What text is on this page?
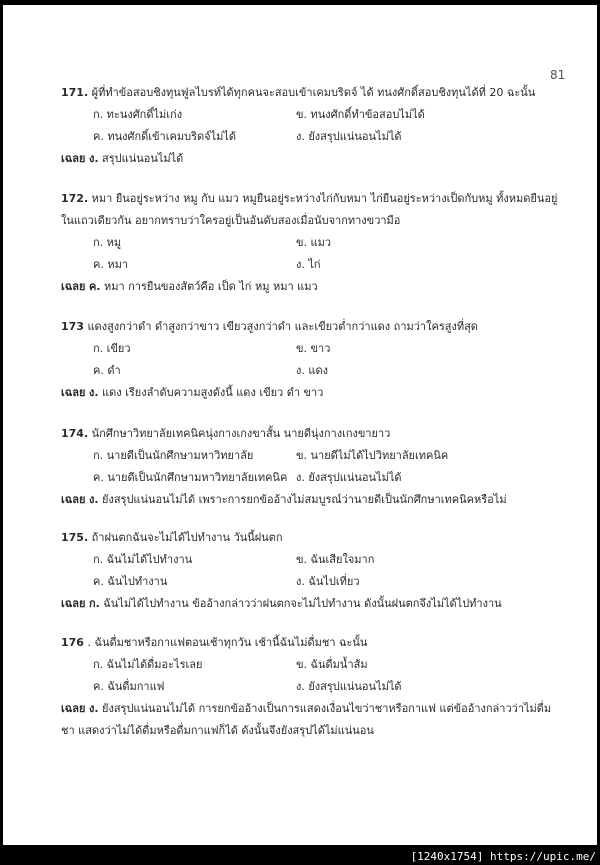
81

171. ผู้ที่ทำข้อสอบชิงทุนฟูลไบรท์ได้ทุกคนจะสอบเข้าเคมบริดจ์ ได้ ทนงศักดิ์สอบชิงทุนได้ที่ 20 ฉะนั้น

ก. ทะนงศักดิ์ไม่เก่ง	ข. ทนงศักดิ์ทำข้อสอบไม่ได้
ค. ทนงศักดิ์เข้าเคมบริดจ์ไม่ได้	ง. ยังสรุปแน่นอนไม่ได้

เฉลย ง. สรุปแน่นอนไม่ได้

172. หมา ยืนอยู่ระหว่าง หมู กับ แมว หมูยืนอยู่ระหว่างไก่กับหมา ไก่ยืนอยู่ระหว่างเป็ดกับหมู ทั้งหมดยืนอยู่ในแถวเดียวกัน อยากทราบว่าใครอยู่เป็นอันดับสองเมื่อนับจากทางขวามือ

ก. หมู	ข. แมว
ค. หมา	ง. ไก่

เฉลย ค. หมา การยืนของสัตว์คือ เป็ด ไก่ หมู หมา แมว

173 แดงสูงกว่าดำ ดำสูงกว่าขาว เขียวสูงกว่าดำ และเขียวต่ำกว่าแดง ถามว่าใครสูงที่สุด

ก. เขียว	ข. ขาว
ค. ดำ	ง. แดง

เฉลย ง. แดง เรียงลำดับความสูงดังนี้ แดง เขียว ดำ ขาว

174. นักศึกษาวิทยาลัยเทคนิคนุ่งกางเกงขาสั้น นายดีนุ่งกางเกงขายาว

ก. นายดีเป็นนักศึกษามหาวิทยาลัย	ข. นายดีไม่ได้ไปวิทยาลัยเทคนิค
ค. นายดีเป็นนักศึกษามหาวิทยาลัยเทคนิค ง. ยังสรุปแน่นอนไม่ได้

เฉลย ง. ยังสรุปแน่นอนไม่ได้ เพราะการยกข้ออ้างไม่สมบูรณ์ว่านายดีเป็นนักศึกษาเทคนิคหรือไม่

175. ถ้าฝนตกฉันจะไม่ได้ไปทำงาน วันนี้ฝนตก

ก. ฉันไม่ได้ไปทำงาน	ข. ฉันเสียใจมาก
ค. ฉันไปทำงาน	ง. ฉันไปเที่ยว

เฉลย ก. ฉันไม่ได้ไปทำงาน ข้ออ้างกล่าวว่าฝนตกจะไม่ไปทำงาน ดังนั้นฝนตกจึงไม่ได้ไปทำงาน

176 . ฉันดื่มชาหรือกาแฟตอนเช้าทุกวัน เช้านี้ฉันไม่ดื่มชา ฉะนั้น

ก. ฉันไม่ได้ดื่มอะไรเลย	ข. ฉันดื่มน้ำส้ม
ค. ฉันดื่มกาแฟ	ง. ยังสรุปแน่นอนไม่ได้

เฉลย ง. ยังสรุปแน่นอนไม่ได้ การยกข้ออ้างเป็นการแสดงเงื่อนไขว่าชาหรือกาแฟ แต่ข้ออ้างกล่าวว่าไม่ดื่มชา แสดงว่าไม่ได้ดื่มหรือดื่มกาแฟก็ได้ ดังนั้นจึงยังสรุปได้ไม่แน่นอน

[1240x1754] https://upic.me/
